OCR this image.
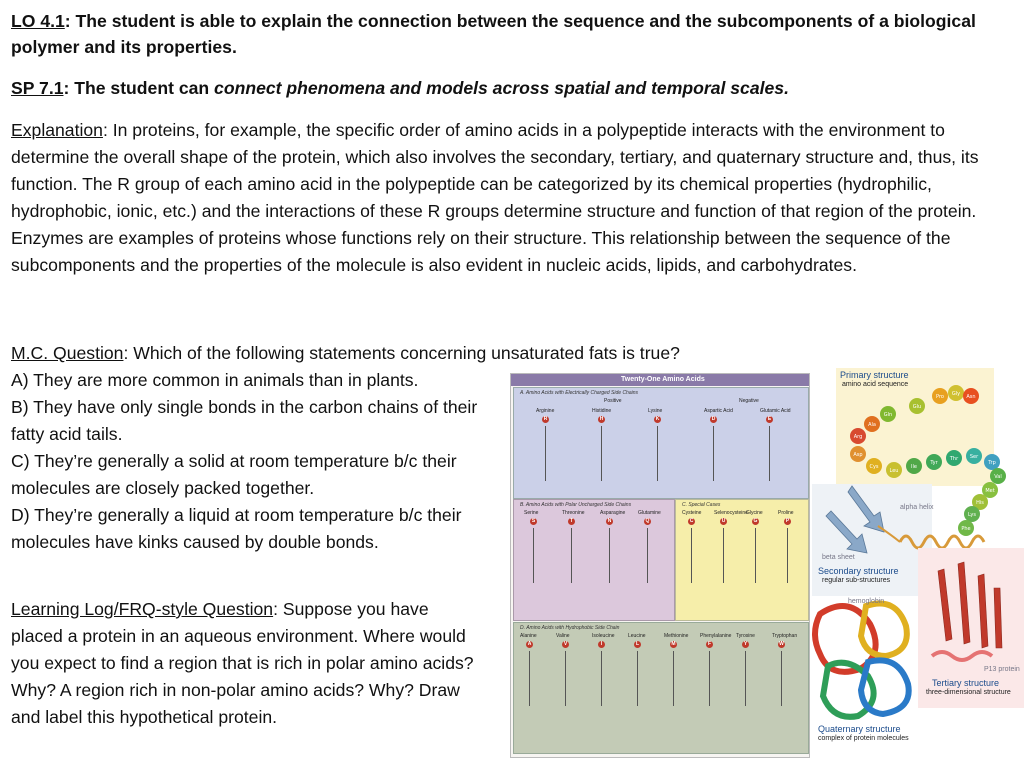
LO 4.1: The student is able to explain the connection between the sequence and the subcomponents of a biological polymer and its properties.
SP 7.1: The student can connect phenomena and models across spatial and temporal scales.
Explanation: In proteins, for example, the specific order of amino acids in a polypeptide interacts with the environment to determine the overall shape of the protein, which also involves the secondary, tertiary, and quaternary structure and, thus, its function. The R group of each amino acid in the polypeptide can be categorized by its chemical properties (hydrophilic, hydrophobic, ionic, etc.) and the interactions of these R groups determine structure and function of that region of the protein. Enzymes are examples of proteins whose functions rely on their structure. This relationship between the sequence of the subcomponents and the properties of the molecule is also evident in nucleic acids, lipids, and carbohydrates.
M.C. Question: Which of the following statements concerning unsaturated fats is true?
A) They are more common in animals than in plants.
B) They have only single bonds in the carbon chains of their fatty acid tails.
C) They’re generally a solid at room temperature b/c their molecules are closely packed together.
D) They’re generally a liquid at room temperature b/c their molecules have kinks caused by double bonds.
Learning Log/FRQ-style Question: Suppose you have placed a protein in an aqueous environment. Where would you expect to find a region that is rich in polar amino acids? Why? A region rich in non-polar amino acids? Why? Draw and label this hypothetical protein.
Twenty-One Amino Acids
A. Amino Acids with Electrically Charged Side Chains
Positive	Negative
Arginine
R
Histidine
H
Lysine
K
Aspartic Acid
D
Glutamic Acid
E
B. Amino Acids with Polar Uncharged Side Chains
Serine
S
Threonine
T
Asparagine
N
Glutamine
Q
C. Special Cases
Cysteine
C
Selenocysteine
U
Glycine
G
Proline
P
D. Amino Acids with Hydrophobic Side Chain
Alanine
A
Valine
V
Isoleucine
I
Leucine
L
Methionine
M
Phenylalanine
F
Tyrosine
Y
Tryptophan
W
Primary structure
amino acid sequence
Pro Gly Asn
Glu
Gln
Ala
Arg
Asp
Cys
Leu
Ile
Tyr
Thr Ser
Trp
Val
Met
His
Lys
Phe
alpha helix
beta sheet
Secondary structure
regular sub-structures
hemoglobin
P13 protein
Tertiary structure
three-dimensional structure
Quaternary structure
complex of protein molecules
